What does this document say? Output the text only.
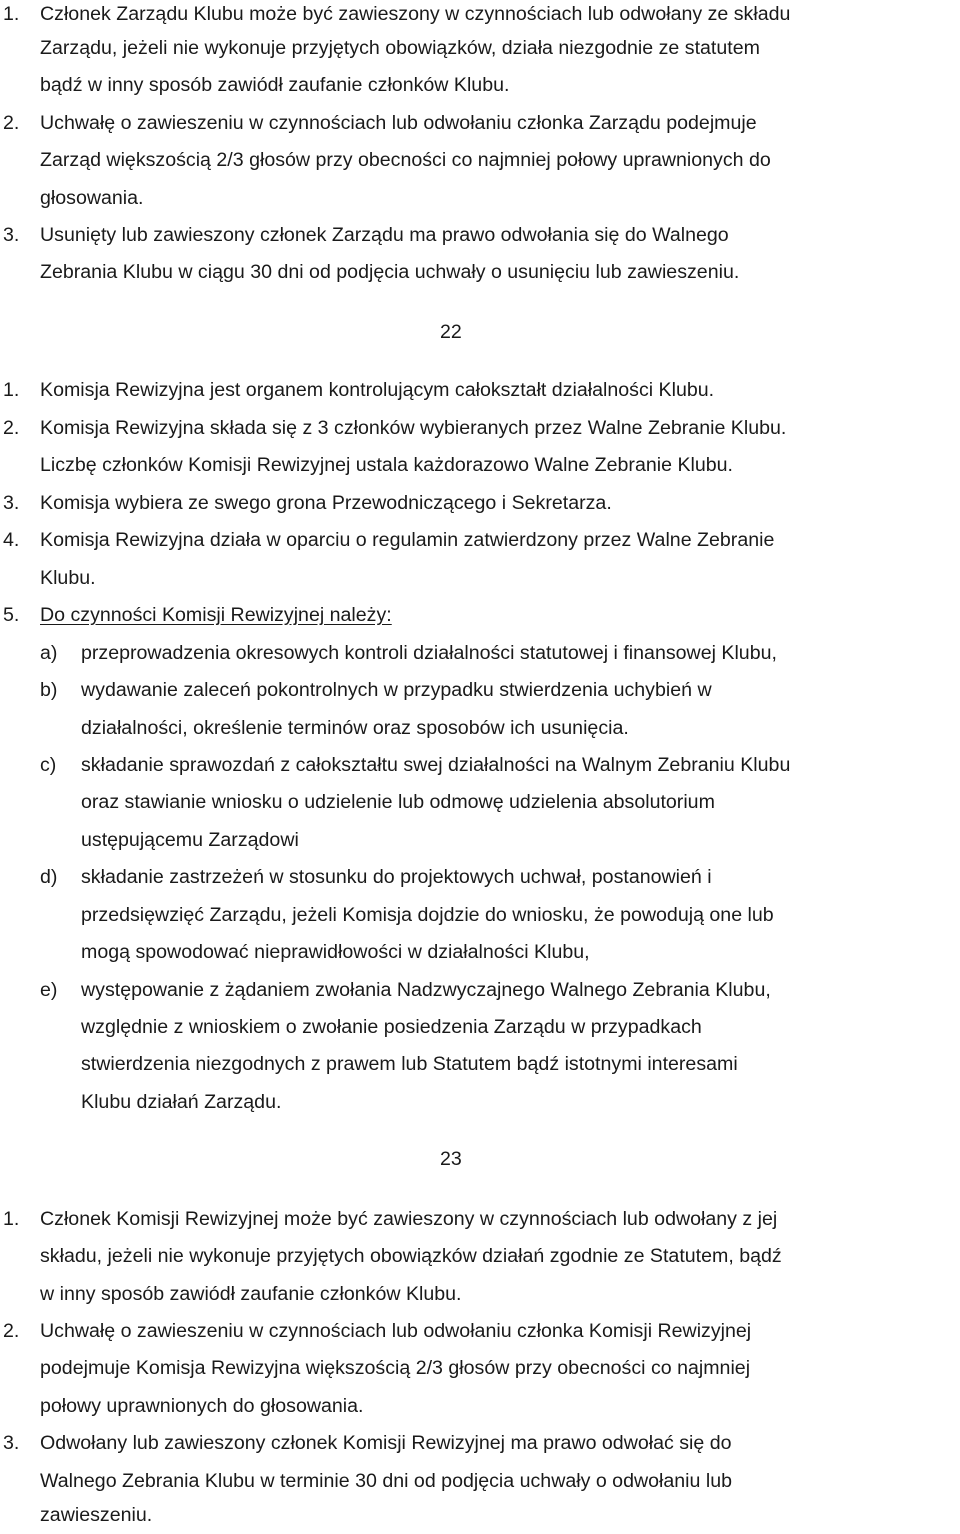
1. Członek Zarządu Klubu może być zawieszony w czynnościach lub odwołany ze składu
Zarządu, jeżeli nie wykonuje przyjętych obowiązków, działa niezgodnie ze statutem
bądź w inny sposób zawiódł zaufanie członków Klubu.
2. Uchwałę o zawieszeniu w czynnościach lub odwołaniu członka Zarządu podejmuje
Zarząd większością 2/3 głosów przy obecności co najmniej połowy uprawnionych do
głosowania.
3. Usunięty lub zawieszony członek Zarządu ma prawo odwołania się do Walnego
Zebrania Klubu w ciągu 30 dni od podjęcia uchwały o usunięciu lub zawieszeniu.
22
1. Komisja Rewizyjna jest organem kontrolującym całokształt działalności Klubu.
2. Komisja Rewizyjna składa się z 3 członków wybieranych przez Walne Zebranie Klubu.
Liczbę członków Komisji Rewizyjnej ustala każdorazowo Walne Zebranie Klubu.
3. Komisja wybiera ze swego grona Przewodniczącego i Sekretarza.
4. Komisja Rewizyjna działa w oparciu o regulamin zatwierdzony przez Walne Zebranie
Klubu.
5. Do czynności Komisji Rewizyjnej należy:
a) przeprowadzenia okresowych kontroli działalności statutowej i finansowej Klubu,
b) wydawanie zaleceń pokontrolnych w przypadku stwierdzenia uchybień w
działalności, określenie terminów oraz sposobów ich usunięcia.
c) składanie sprawozdań z całokształtu swej działalności na Walnym Zebraniu Klubu
oraz stawianie wniosku o udzielenie lub odmowę udzielenia absolutorium
ustępującemu Zarządowi
d) składanie zastrzeżeń w stosunku do projektowych uchwał, postanowień i
przedsięwzięć Zarządu, jeżeli Komisja dojdzie do wniosku, że powodują one lub
mogą spowodować nieprawidłowości w działalności Klubu,
e) występowanie z żądaniem zwołania Nadzwyczajnego Walnego Zebrania Klubu,
względnie z wnioskiem o zwołanie posiedzenia Zarządu w przypadkach
stwierdzenia niezgodnych z prawem lub Statutem bądź istotnymi interesami
Klubu działań Zarządu.
23
1. Członek Komisji Rewizyjnej może być zawieszony w czynnościach lub odwołany z jej
składu, jeżeli nie wykonuje przyjętych obowiązków działań zgodnie ze Statutem, bądź
w inny sposób zawiódł zaufanie członków Klubu.
2. Uchwałę o zawieszeniu w czynnościach lub odwołaniu członka Komisji Rewizyjnej
podejmuje Komisja Rewizyjna większością 2/3 głosów przy obecności co najmniej
połowy uprawnionych do głosowania.
3. Odwołany lub zawieszony członek Komisji Rewizyjnej ma prawo odwołać się do
Walnego Zebrania Klubu w terminie 30 dni od podjęcia uchwały o odwołaniu lub
zawieszeniu.
